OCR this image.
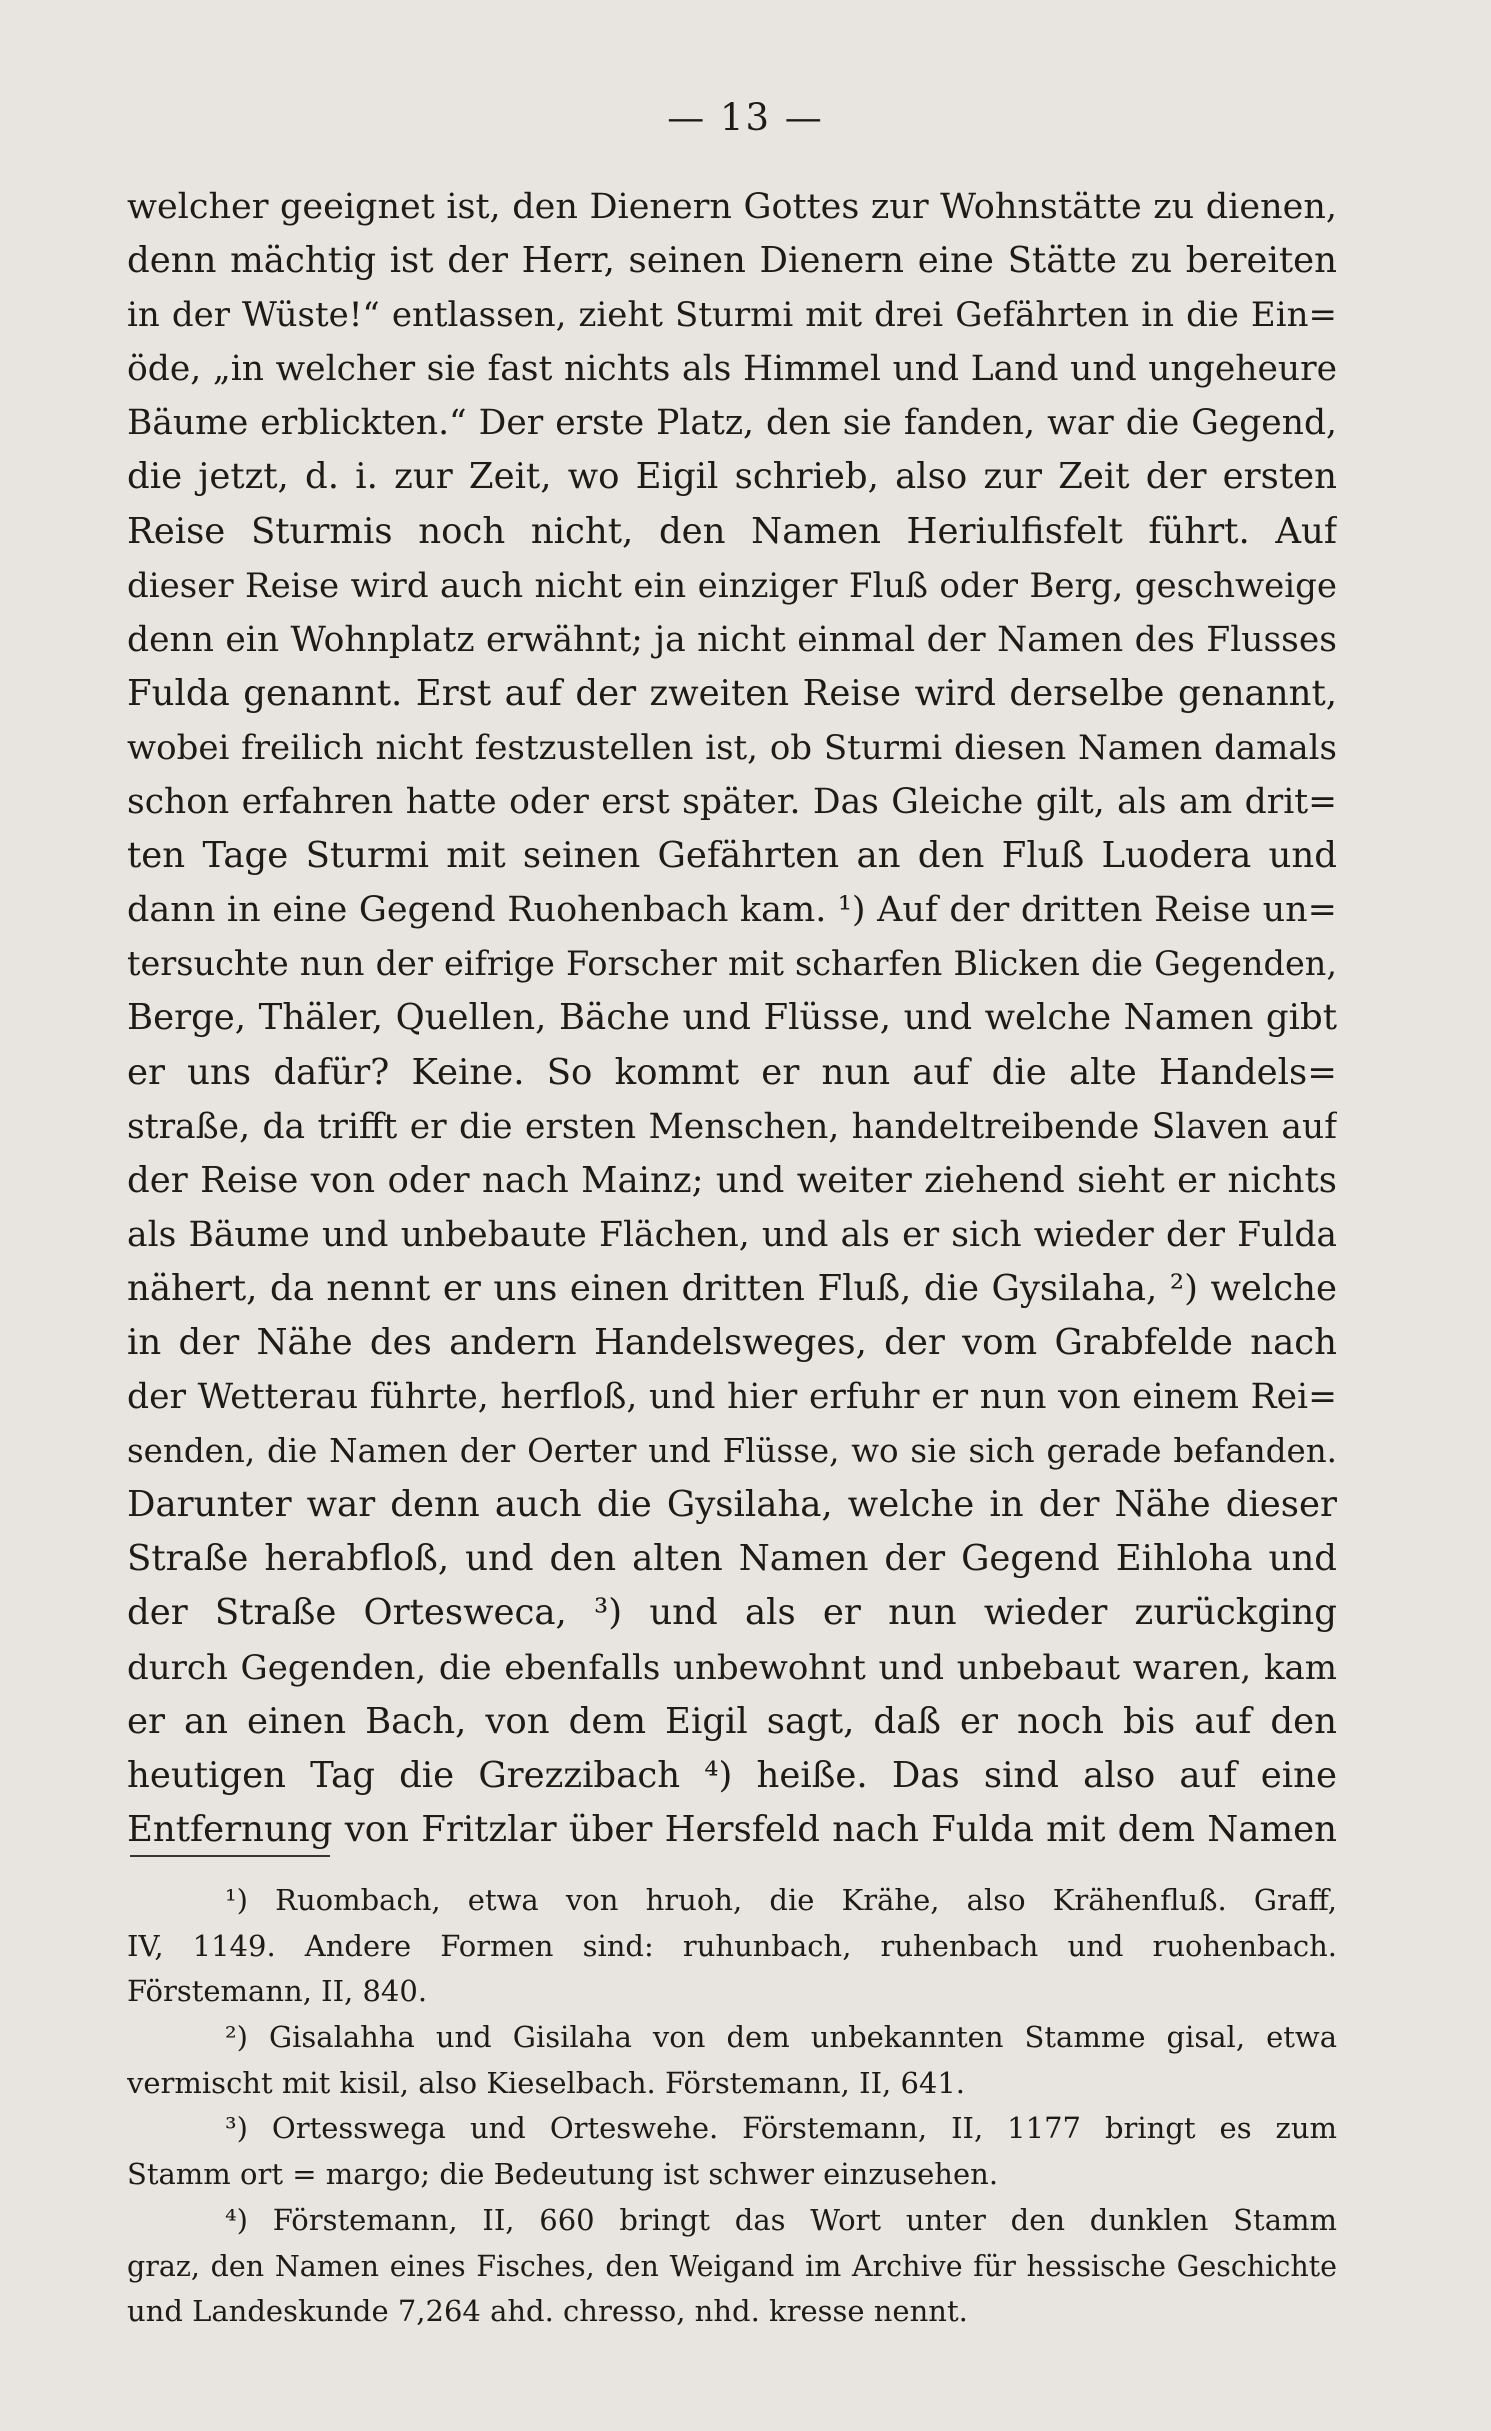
— 13 —
welcher geeignet ist, den Dienern Gottes zur Wohnstätte zu dienen,
denn mächtig ist der Herr, seinen Dienern eine Stätte zu bereiten
in der Wüste!“ entlassen, zieht Sturmi mit drei Gefährten in die Ein=
öde, „in welcher sie fast nichts als Himmel und Land und ungeheure
Bäume erblickten.“ Der erste Platz, den sie fanden, war die Gegend,
die jetzt, d. i. zur Zeit, wo Eigil schrieb, also zur Zeit der ersten
Reise Sturmis noch nicht, den Namen Heriulfisfelt führt. Auf
dieser Reise wird auch nicht ein einziger Fluß oder Berg, geschweige
denn ein Wohnplatz erwähnt; ja nicht einmal der Namen des Flusses
Fulda genannt. Erst auf der zweiten Reise wird derselbe genannt,
wobei freilich nicht festzustellen ist, ob Sturmi diesen Namen damals
schon erfahren hatte oder erst später. Das Gleiche gilt, als am drit=
ten Tage Sturmi mit seinen Gefährten an den Fluß Luodera und
dann in eine Gegend Ruohenbach kam. ¹) Auf der dritten Reise un=
tersuchte nun der eifrige Forscher mit scharfen Blicken die Gegenden,
Berge, Thäler, Quellen, Bäche und Flüsse, und welche Namen gibt
er uns dafür? Keine. So kommt er nun auf die alte Handels=
straße, da trifft er die ersten Menschen, handeltreibende Slaven auf
der Reise von oder nach Mainz; und weiter ziehend sieht er nichts
als Bäume und unbebaute Flächen, und als er sich wieder der Fulda
nähert, da nennt er uns einen dritten Fluß, die Gysilaha, ²) welche
in der Nähe des andern Handelsweges, der vom Grabfelde nach
der Wetterau führte, herfloß, und hier erfuhr er nun von einem Rei=
senden, die Namen der Oerter und Flüsse, wo sie sich gerade befanden.
Darunter war denn auch die Gysilaha, welche in der Nähe dieser
Straße herabfloß, und den alten Namen der Gegend Eihloha und
der Straße Ortesweca, ³) und als er nun wieder zurückging
durch Gegenden, die ebenfalls unbewohnt und unbebaut waren, kam
er an einen Bach, von dem Eigil sagt, daß er noch bis auf den
heutigen Tag die Grezzibach ⁴) heiße. Das sind also auf eine
Entfernung von Fritzlar über Hersfeld nach Fulda mit dem Namen
¹) Ruombach, etwa von hruoh, die Krähe, also Krähenfluß. Graff,
IV, 1149. Andere Formen sind: ruhunbach, ruhenbach und ruohenbach.
Förstemann, II, 840.
²) Gisalahha und Gisilaha von dem unbekannten Stamme gisal, etwa
vermischt mit kisil, also Kieselbach. Förstemann, II, 641.
³) Ortesswega und Orteswehe. Förstemann, II, 1177 bringt es zum
Stamm ort = margo; die Bedeutung ist schwer einzusehen.
⁴) Förstemann, II, 660 bringt das Wort unter den dunklen Stamm
graz, den Namen eines Fisches, den Weigand im Archive für hessische Geschichte
und Landeskunde 7,264 ahd. chresso, nhd. kresse nennt.
